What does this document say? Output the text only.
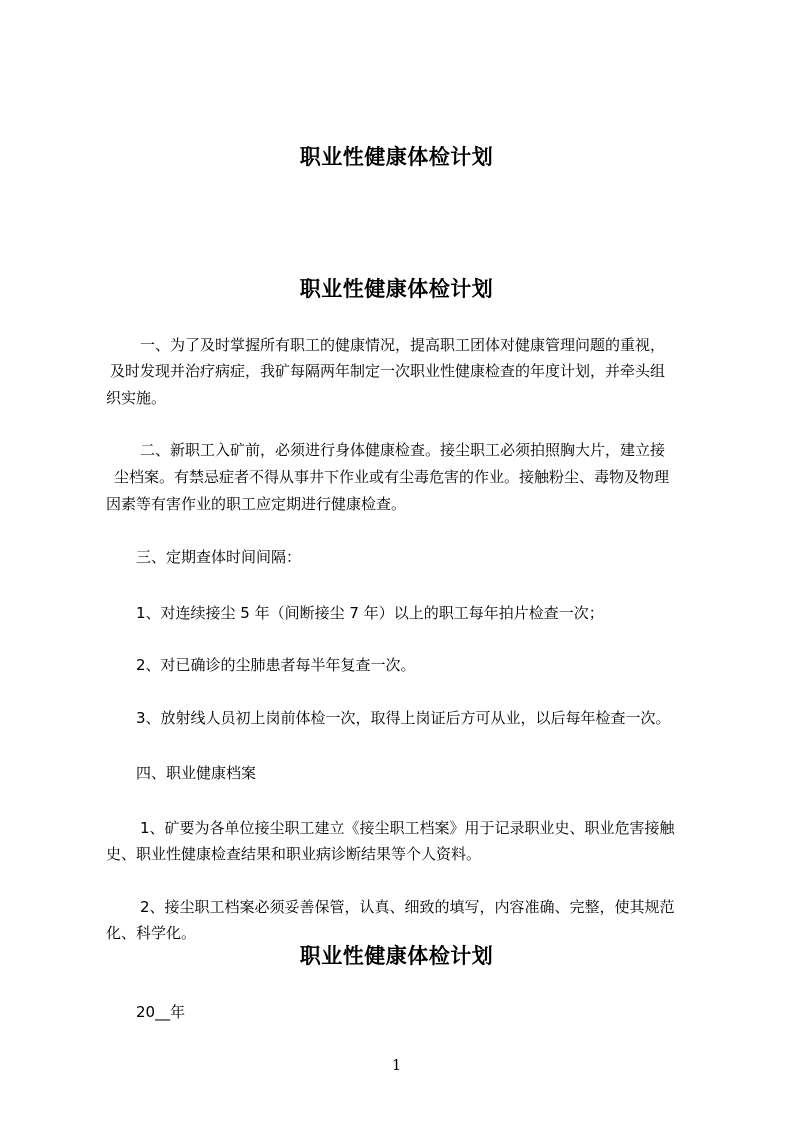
职业性健康体检计划
职业性健康体检计划
一、为了及时掌握所有职工的健康情况，提高职工团体对健康管理问题的重视，
及时发现并治疗病症，我矿每隔两年制定一次职业性健康检查的年度计划，并牵头组
织实施。
二、新职工入矿前，必须进行身体健康检查。接尘职工必须拍照胸大片，建立接
尘档案。有禁忌症者不得从事井下作业或有尘毒危害的作业。接触粉尘、毒物及物理
因素等有害作业的职工应定期进行健康检查。
三、定期查体时间间隔：
1、对连续接尘 5 年（间断接尘 7 年）以上的职工每年拍片检查一次；
2、对已确诊的尘肺患者每半年复查一次。
3、放射线人员初上岗前体检一次，取得上岗证后方可从业，以后每年检查一次。
四、职业健康档案
1、矿要为各单位接尘职工建立《接尘职工档案》用于记录职业史、职业危害接触
史、职业性健康检查结果和职业病诊断结果等个人资料。
2、接尘职工档案必须妥善保管，认真、细致的填写，内容准确、完整，使其规范
化、科学化。
职业性健康体检计划
20__年
1
